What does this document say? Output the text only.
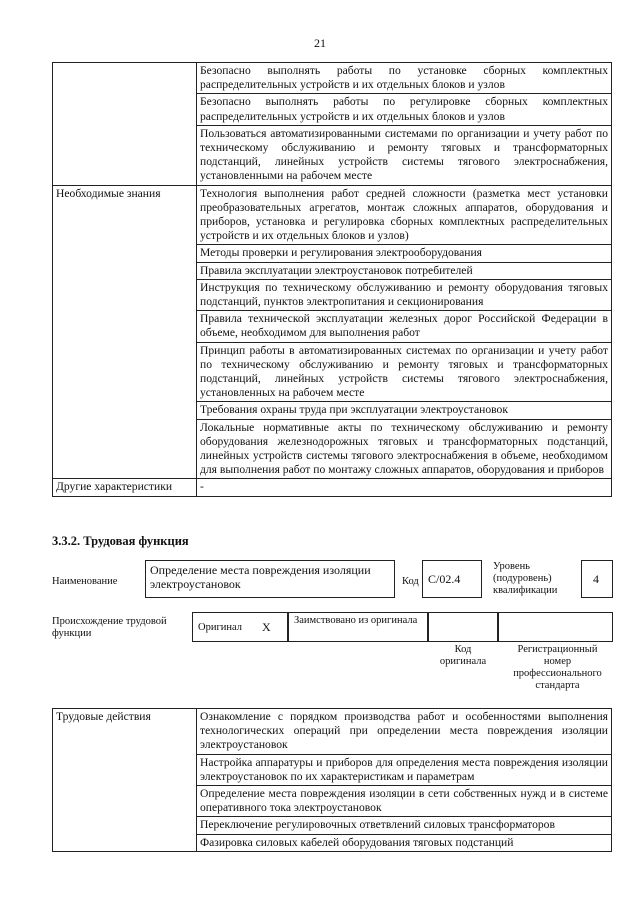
21
	Безопасно выполнять работы по установке сборных комплектных распределительных устройств и их отдельных блоков и узлов
	Безопасно выполнять работы по регулировке сборных комплектных распределительных устройств и их отдельных блоков и узлов
	Пользоваться автоматизированными системами по организации и учету работ по техническому обслуживанию и ремонту тяговых и трансформаторных подстанций, линейных устройств системы тягового электроснабжения, установленными на рабочем месте
Необходимые знания	Технология выполнения работ средней сложности (разметка мест установки преобразовательных агрегатов, монтаж сложных аппаратов, оборудования и приборов, установка и регулировка сборных комплектных распределительных устройств и их отдельных блоков и узлов)
	Методы проверки и регулирования электрооборудования
	Правила эксплуатации электроустановок потребителей
	Инструкция по техническому обслуживанию и ремонту оборудования тяговых подстанций, пунктов электропитания и секционирования
	Правила технической эксплуатации железных дорог Российской Федерации в объеме, необходимом для выполнения работ
	Принцип работы в автоматизированных системах по организации и учету работ по техническому обслуживанию и ремонту тяговых и трансформаторных подстанций, линейных устройств системы тягового электроснабжения, установленных на рабочем месте
	Требования охраны труда при эксплуатации электроустановок
	Локальные нормативные акты по техническому обслуживанию и ремонту оборудования железнодорожных тяговых и трансформаторных подстанций, линейных устройств системы тягового электроснабжения в объеме, необходимом для выполнения работ по монтажу сложных аппаратов, оборудования и приборов
Другие характеристики	-
3.3.2. Трудовая функция
Наименование
Определение места повреждения изоляции электроустановок	Код C/02.4
Уровень (подуровень) квалификации
4
Происхождение трудовой функции
Оригинал X Заимствовано из оригинала
Код оригинала
Регистрационный номер профессионального стандарта
Трудовые действия	Ознакомление с порядком производства работ и особенностями выполнения технологических операций при определении места повреждения изоляции электроустановок
Настройка аппаратуры и приборов для определения места повреждения изоляции электроустановок по их характеристикам и параметрам
Определение места повреждения изоляции в сети собственных нужд и в системе оперативного тока электроустановок
Переключение регулировочных ответвлений силовых трансформаторов
Фазировка силовых кабелей оборудования тяговых подстанций
